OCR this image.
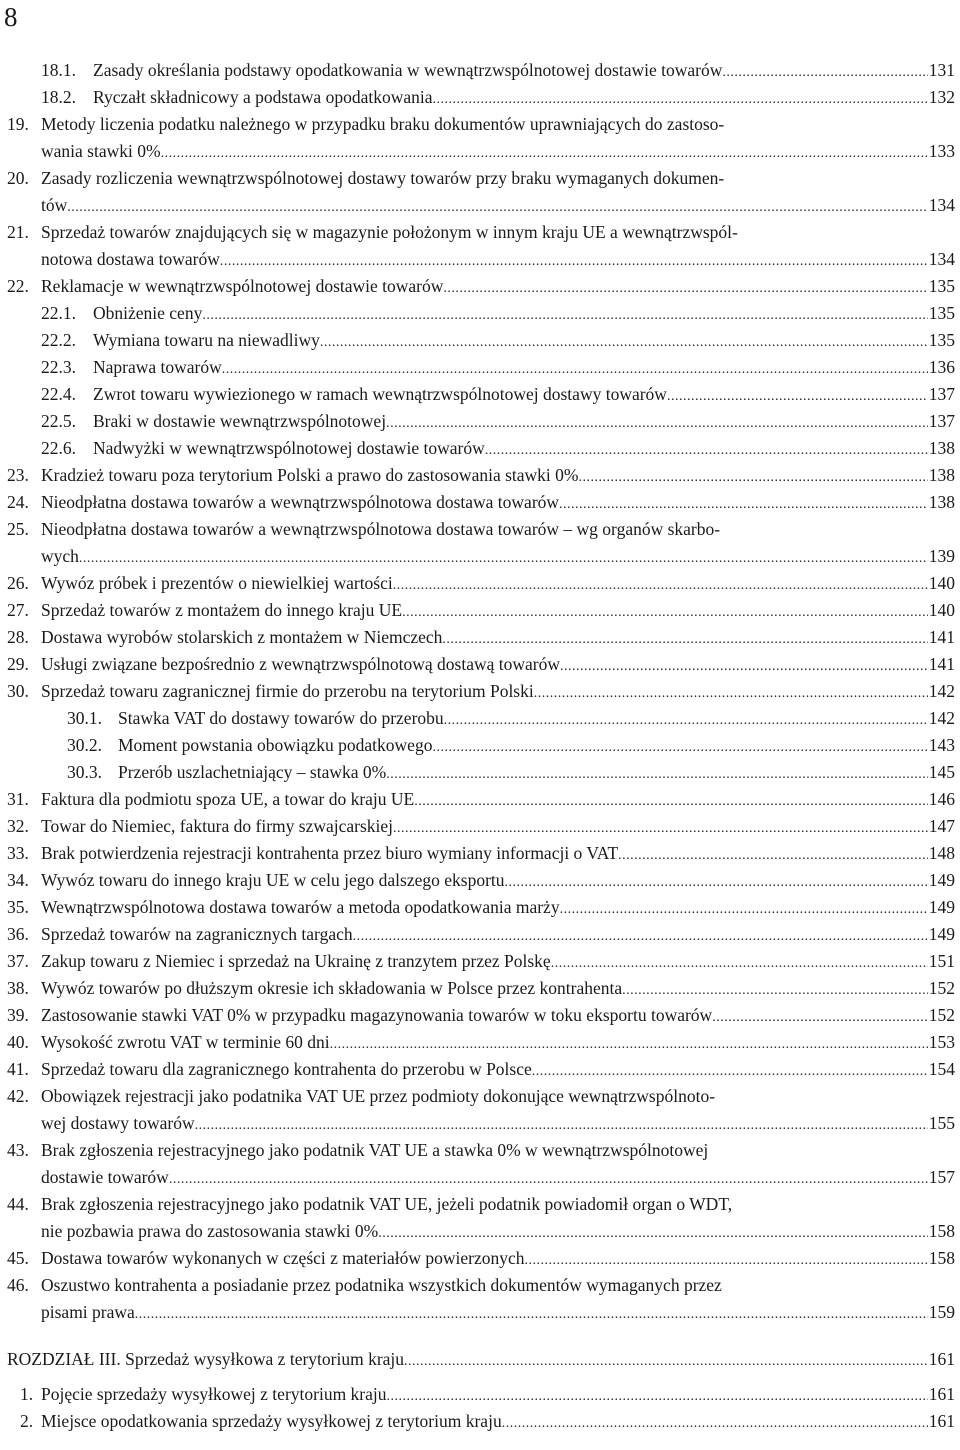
8
18.1. Zasady określania podstawy opodatkowania w wewnątrzwspólnotowej dostawie towarów .....	131
18.2. Ryczałt składnicowy a podstawa opodatkowania .....	132
19. Metody liczenia podatku należnego w przypadku braku dokumentów uprawniających do zastoso-
wania stawki 0% .....	133
20. Zasady rozliczenia wewnątrzwspólnotowej dostawy towarów przy braku wymaganych dokumen-
tów .....	134
21. Sprzedaż towarów znajdujących się w magazynie położonym w innym kraju UE a wewnątrzwspól-
notowa dostawa towarów .....	134
22. Reklamacje w wewnątrzwspólnotowej dostawie towarów .....	135
22.1. Obniżenie ceny .....	135
22.2. Wymiana towaru na niewadliwy .....	135
22.3. Naprawa towarów .....	136
22.4. Zwrot towaru wywiezionego w ramach wewnątrzwspólnotowej dostawy towarów .....	137
22.5. Braki w dostawie wewnątrzwspólnotowej .....	137
22.6. Nadwyżki w wewnątrzwspólnotowej dostawie towarów .....	138
23. Kradzież towaru poza terytorium Polski a prawo do zastosowania stawki 0% .....	138
24. Nieodpłatna dostawa towarów a wewnątrzwspólnotowa dostawa towarów .....	138
25. Nieodpłatna dostawa towarów a wewnątrzwspólnotowa dostawa towarów – wg organów skarbo-
wych .....	139
26. Wywóz próbek i prezentów o niewielkiej wartości .....	140
27. Sprzedaż towarów z montażem do innego kraju UE .....	140
28. Dostawa wyrobów stolarskich z montażem w Niemczech .....	141
29. Usługi związane bezpośrednio z wewnątrzwspólnotową dostawą towarów .....	141
30. Sprzedaż towaru zagranicznej firmie do przerobu na terytorium Polski .....	142
30.1. Stawka VAT do dostawy towarów do przerobu .....	142
30.2. Moment powstania obowiązku podatkowego .....	143
30.3. Przerób uszlachetniający – stawka 0% .....	145
31. Faktura dla podmiotu spoza UE, a towar do kraju UE .....	146
32. Towar do Niemiec, faktura do firmy szwajcarskiej .....	147
33. Brak potwierdzenia rejestracji kontrahenta przez biuro wymiany informacji o VAT .....	148
34. Wywóz towaru do innego kraju UE w celu jego dalszego eksportu .....	149
35. Wewnątrzwspólnotowa dostawa towarów a metoda opodatkowania marży .....	149
36. Sprzedaż towarów na zagranicznych targach .....	149
37. Zakup towaru z Niemiec i sprzedaż na Ukrainę z tranzytem przez Polskę .....	151
38. Wywóz towarów po dłuższym okresie ich składowania w Polsce przez kontrahenta .....	152
39. Zastosowanie stawki VAT 0% w przypadku magazynowania towarów w toku eksportu towarów .....	152
40. Wysokość zwrotu VAT w terminie 60 dni .....	153
41. Sprzedaż towaru dla zagranicznego kontrahenta do przerobu w Polsce .....	154
42. Obowiązek rejestracji jako podatnika VAT UE przez podmioty dokonujące wewnątrzwspólnoto-
wej dostawy towarów .....	155
43. Brak zgłoszenia rejestracyjnego jako podatnik VAT UE a stawka 0% w wewnątrzwspólnotowej
dostawie towarów .....	157
44. Brak zgłoszenia rejestracyjnego jako podatnik VAT UE, jeżeli podatnik powiadomił organ o WDT,
nie pozbawia prawa do zastosowania stawki 0% .....	158
45. Dostawa towarów wykonanych w części z materiałów powierzonych .....	158
46. Oszustwo kontrahenta a posiadanie przez podatnika wszystkich dokumentów wymaganych przez
pisami prawa .....	159
ROZDZIAŁ III. Sprzedaż wysyłkowa z terytorium kraju .....	161
1. Pojęcie sprzedaży wysyłkowej z terytorium kraju .....	161
2. Miejsce opodatkowania sprzedaży wysyłkowej z terytorium kraju .....	161
